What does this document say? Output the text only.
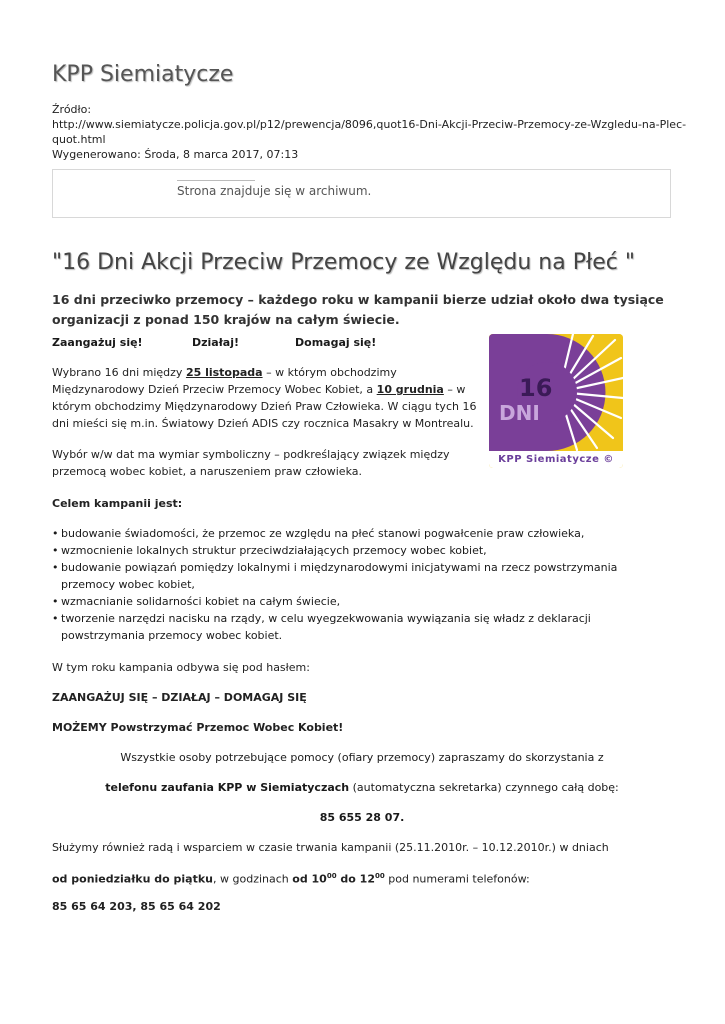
KPP Siemiatycze
Źródło:
http://www.siemiatycze.policja.gov.pl/p12/prewencja/8096,quot16-Dni-Akcji-Przeciw-Przemocy-ze-Wzgledu-na-Plec-quot.html
Wygenerowano: Środa, 8 marca 2017, 07:13
Strona znajduje się w archiwum.
"16 Dni Akcji Przeciw Przemocy ze Względu na Płeć "
16 dni przeciwko przemocy – każdego roku w kampanii bierze udział około dwa tysiące organizacji z ponad 150 krajów na całym świecie.
Zaangażuj się!	Działaj!	Domagaj się!
Wybrano 16 dni między 25 listopada – w którym obchodzimy Międzynarodowy Dzień Przeciw Przemocy Wobec Kobiet, a 10 grudnia – w którym obchodzimy Międzynarodowy Dzień Praw Człowieka. W ciągu tych 16 dni mieści się m.in. Światowy Dzień ADIS czy rocznica Masakry w Montrealu.
Wybór w/w dat ma wymiar symboliczny – podkreślający związek między przemocą wobec kobiet, a naruszeniem praw człowieka.
16
DNI
KPP Siemiatycze ©
Celem kampanii jest:
• budowanie świadomości, że przemoc ze względu na płeć stanowi pogwałcenie praw człowieka,
• wzmocnienie lokalnych struktur przeciwdziałających przemocy wobec kobiet,
• budowanie powiązań pomiędzy lokalnymi i międzynarodowymi inicjatywami na rzecz powstrzymania przemocy wobec kobiet,
• wzmacnianie solidarności kobiet na całym świecie,
• tworzenie narzędzi nacisku na rządy, w celu wyegzekwowania wywiązania się władz z deklaracji powstrzymania przemocy wobec kobiet.
W tym roku kampania odbywa się pod hasłem:
ZAANGAŻUJ SIĘ – DZIAŁAJ – DOMAGAJ SIĘ
MOŻEMY Powstrzymać Przemoc Wobec Kobiet!
Wszystkie osoby potrzebujące pomocy (ofiary przemocy) zapraszamy do skorzystania z
telefonu zaufania KPP w Siemiatyczach (automatyczna sekretarka) czynnego całą dobę:
85 655 28 07.
Służymy również radą i wsparciem w czasie trwania kampanii (25.11.2010r. – 10.12.2010r.) w dniach
od poniedziałku do piątku, w godzinach od $10^{00}$ do $12^{00}$ pod numerami telefonów:
85 65 64 203, 85 65 64 202
